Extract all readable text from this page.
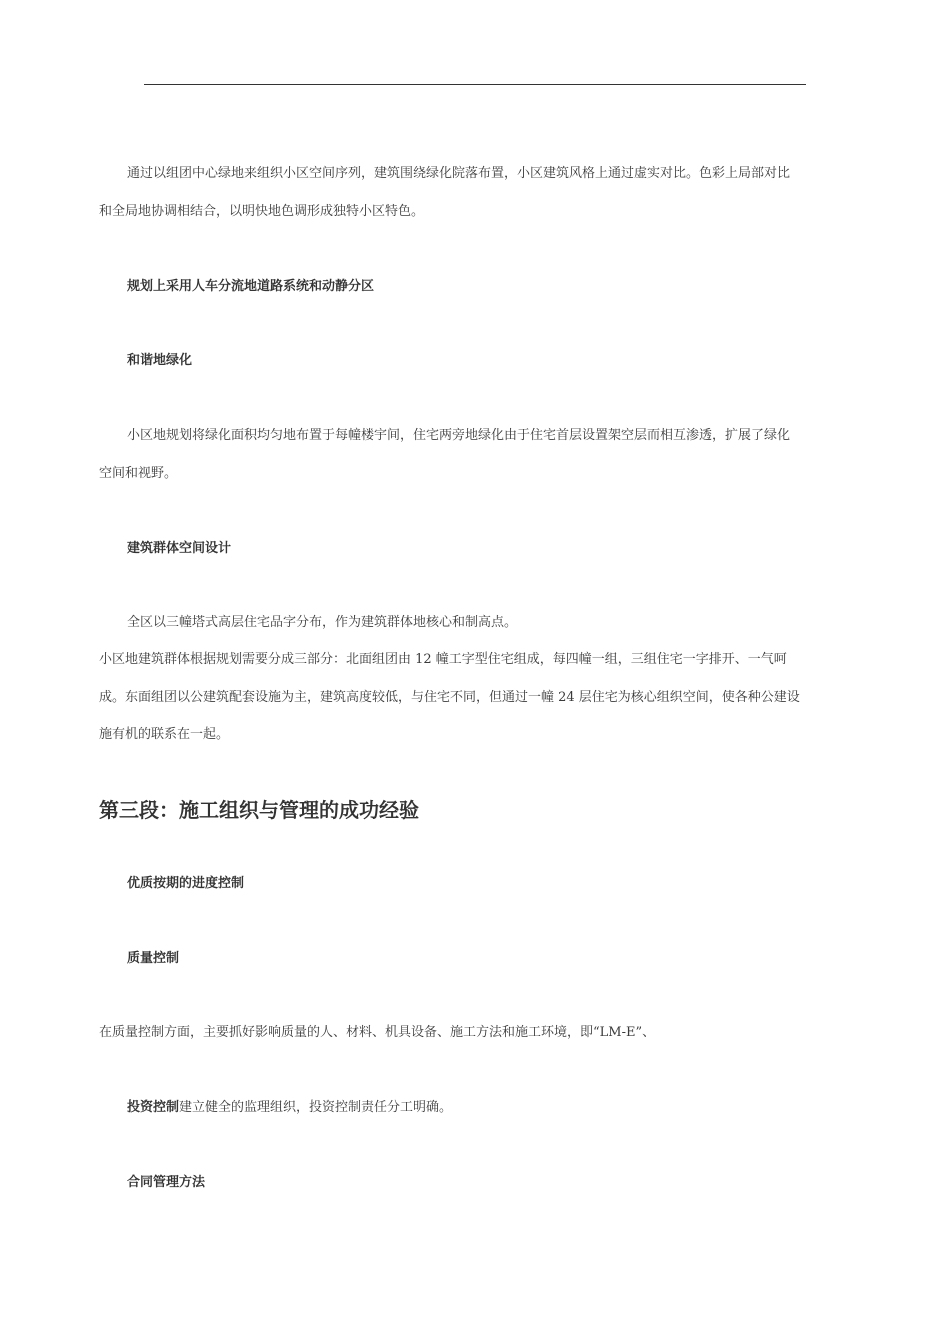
通过以组团中心绿地来组织小区空间序列，建筑围绕绿化院落布置，小区建筑风格上通过虚实对比。色彩上局部对比
和全局地协调相结合，以明快地色调形成独特小区特色。
规划上采用人车分流地道路系统和动静分区
和谐地绿化
小区地规划将绿化面积均匀地布置于每幢楼宇间，住宅两旁地绿化由于住宅首层设置架空层而相互渗透，扩展了绿化
空间和视野。
建筑群体空间设计
全区以三幢塔式高层住宅品字分布，作为建筑群体地核心和制高点。
小区地建筑群体根据规划需要分成三部分：北面组团由 12 幢工字型住宅组成，每四幢一组，三组住宅一字排开、一气呵
成。东面组团以公建筑配套设施为主，建筑高度较低，与住宅不同，但通过一幢 24 层住宅为核心组织空间，使各种公建设
施有机的联系在一起。
第三段：施工组织与管理的成功经验
优质按期的进度控制
质量控制
在质量控制方面，主要抓好影响质量的人、材料、机具设备、施工方法和施工环境，即“LM-E”、
投资控制建立健全的监理组织，投资控制责任分工明确。
合同管理方法
